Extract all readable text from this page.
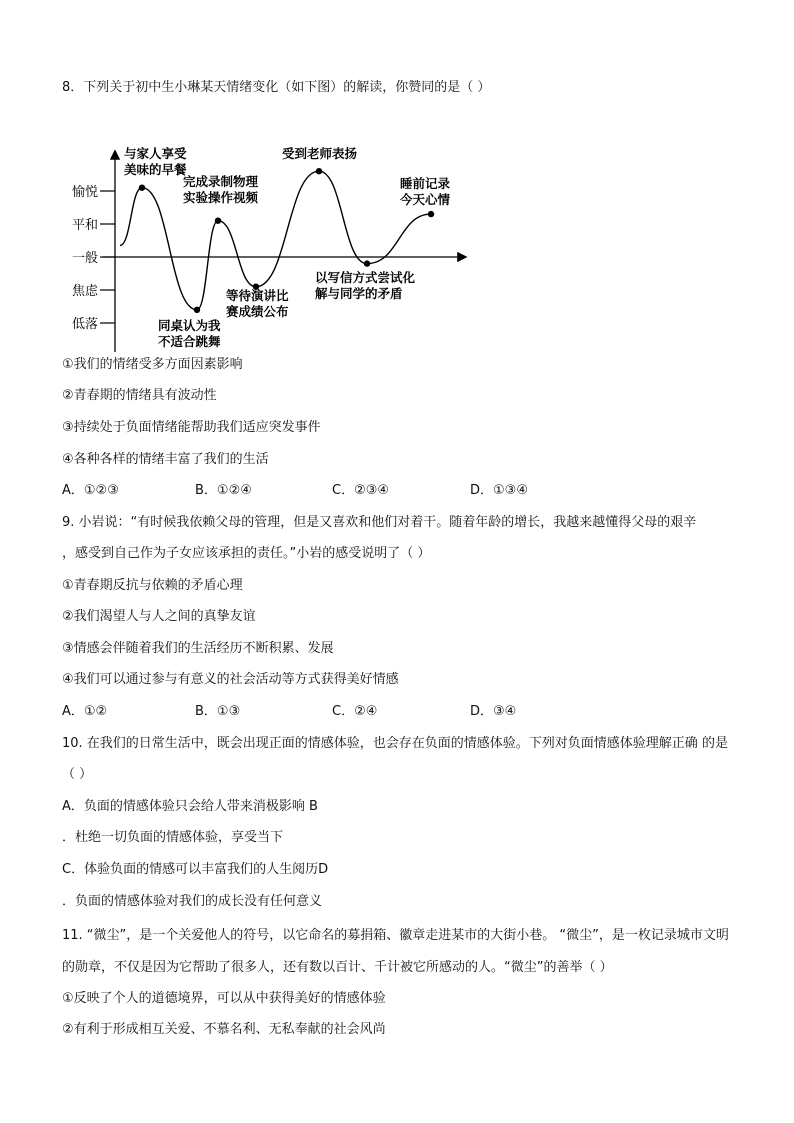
8．下列关于初中生小琳某天情绪变化（如下图）的解读，你赞同的是（ ）
愉悦
平和
一般
焦虑
低落
与家人享受
美味的早餐
同桌认为我
不适合跳舞
完成录制物理
实验操作视频
等待演讲比
赛成绩公布
受到老师表扬
以写信方式尝试化
解与同学的矛盾
睡前记录
今天心情
①我们的情绪受多方面因素影响
②青春期的情绪具有波动性
③持续处于负面情绪能帮助我们适应突发事件
④各种各样的情绪丰富了我们的生活
A．①②③	B．①②④	C．②③④	D．①③④
9. 小岩说：“有时候我依赖父母的管理，但是又喜欢和他们对着干。随着年龄的增长，我越来越懂得父母的艰辛
，感受到自己作为子女应该承担的责任。”小岩的感受说明了（ ）
①青春期反抗与依赖的矛盾心理
②我们渴望人与人之间的真挚友谊
③情感会伴随着我们的生活经历不断积累、发展
④我们可以通过参与有意义的社会活动等方式获得美好情感
A．①②	B．①③	C．②④	D．③④
10. 在我们的日常生活中，既会出现正面的情感体验，也会存在负面的情感体验。下列对负面情感体验理解正确 的是
（ ）
A．负面的情感体验只会给人带来消极影响 B
．杜绝一切负面的情感体验，享受当下
C．体验负面的情感可以丰富我们的人生阅历D
．负面的情感体验对我们的成长没有任何意义
11. “微尘”，是一个关爱他人的符号，以它命名的募捐箱、徽章走进某市的大街小巷。 “微尘”，是一枚记录城市文明
的勋章，不仅是因为它帮助了很多人，还有数以百计、千计被它所感动的人。“微尘”的善举（ ）
①反映了个人的道德境界，可以从中获得美好的情感体验
②有利于形成相互关爱、不慕名利、无私奉献的社会风尚
